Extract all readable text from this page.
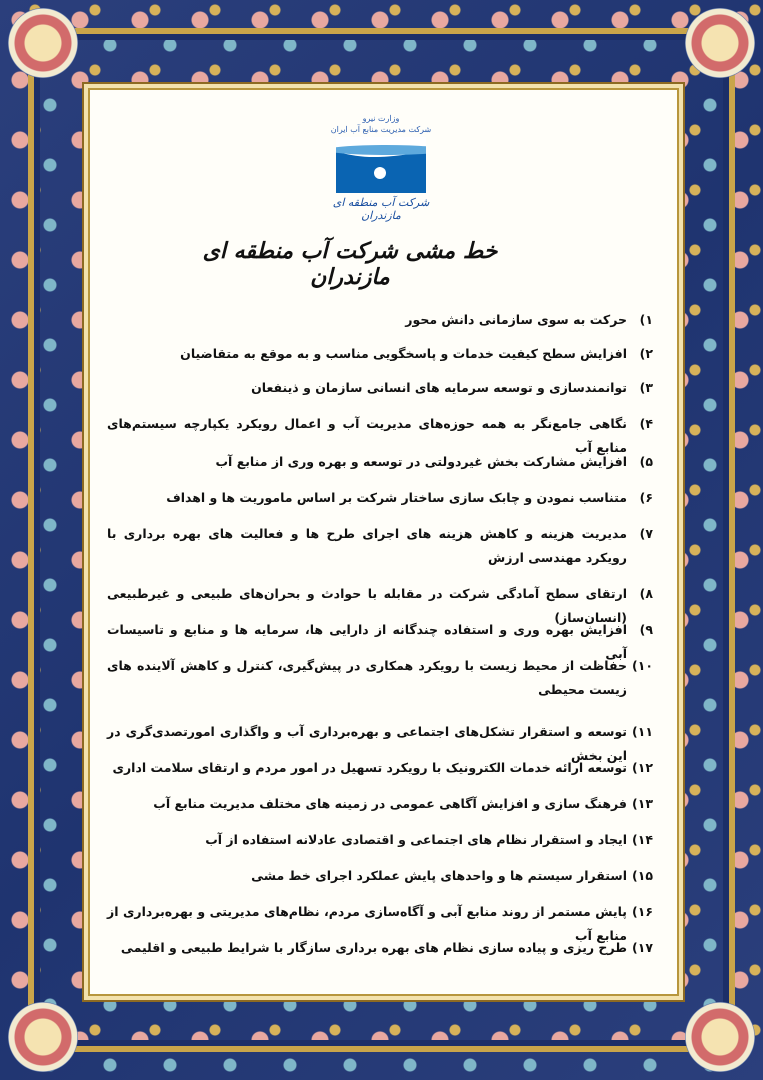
وزارت نیرو
شرکت مدیریت منابع آب ایران
شرکت آب منطقه ای مازندران
خط مشی شرکت آب منطقه ای مازندران
۱)
حرکت به سوی سازمانی دانش محور
۲)
افزایش سطح کیفیت خدمات و پاسخگویی مناسب و به موقع به متقاضیان
۳)
توانمندسازی و توسعه سرمایه های انسانی سازمان و ذینفعان
۴)
نگاهی جامع‌نگر به همه حوزه‌های مدیریت آب و اعمال رویکرد یکپارچه سیستم‌های منابع آب
۵)
افزایش مشارکت بخش غیردولتی در توسعه و بهره وری از منابع آب
۶)
متناسب نمودن و چابک سازی ساختار شرکت بر اساس ماموریت ها و اهداف
۷)
مدیریت هزینه و کاهش هزینه های اجرای طرح ها و فعالیت های بهره برداری با رویکرد مهندسی ارزش
۸)
ارتقای سطح آمادگی شرکت در مقابله با حوادث و بحران‌های طبیعی و غیرطبیعی (انسان‌ساز)
۹)
افزایش بهره وری و استفاده چندگانه از دارایی ها، سرمایه ها و منابع و تاسیسات آبی
۱۰)
حفاظت از محیط زیست با رویکرد همکاری در پیش‌گیری، کنترل و کاهش آلاینده های زیست محیطی
۱۱)
توسعه و استقرار تشکل‌های اجتماعی و بهره‌برداری آب و واگذاری امورتصدی‌گری در این بخش
۱۲)
توسعه ارائه خدمات الکترونیک با رویکرد تسهیل در امور مردم و ارتقای سلامت اداری
۱۳)
فرهنگ سازی و افزایش آگاهی عمومی در زمینه های مختلف مدیریت منابع آب
۱۴)
ایجاد و استقرار نظام های اجتماعی و اقتصادی عادلانه استفاده از آب
۱۵)
استقرار سیستم ها و واحدهای پایش عملکرد اجرای خط مشی
۱۶)
پایش مستمر از روند منابع آبی و آگاه‌سازی مردم، نظام‌های مدیریتی و بهره‌برداری از منابع آب
۱۷)
طرح ریزی و پیاده سازی نظام های بهره برداری سازگار با شرایط طبیعی و اقلیمی
